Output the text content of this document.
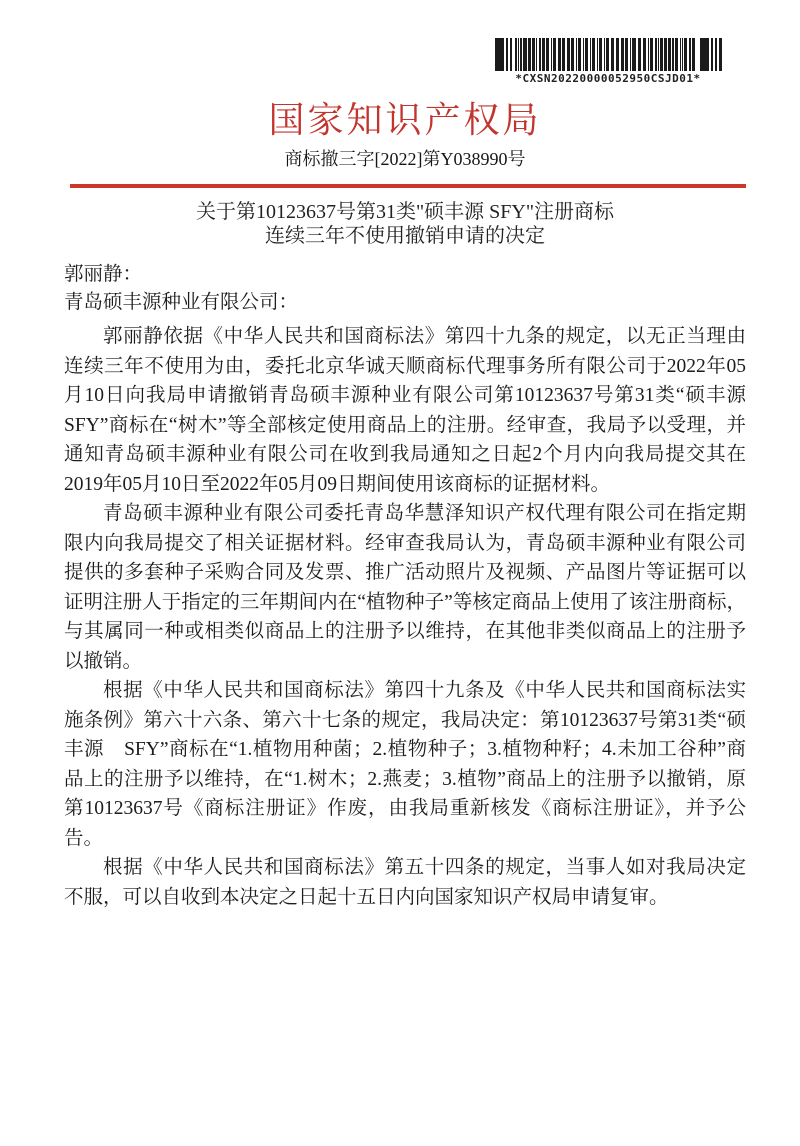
*CXSN20220000052950CSJD01*
国家知识产权局
商标撤三字[2022]第Y038990号
关于第10123637号第31类"硕丰源 SFY"注册商标
连续三年不使用撤销申请的决定
郭丽静：
青岛硕丰源种业有限公司：

郭丽静依据《中华人民共和国商标法》第四十九条的规定，以无正当理由连续三年不使用为由，委托北京华诚天顺商标代理事务所有限公司于2022年05月10日向我局申请撤销青岛硕丰源种业有限公司第10123637号第31类“硕丰源　SFY”商标在“树木”等全部核定使用商品上的注册。经审查，我局予以受理，并通知青岛硕丰源种业有限公司在收到我局通知之日起2个月内向我局提交其在2019年05月10日至2022年05月09日期间使用该商标的证据材料。

青岛硕丰源种业有限公司委托青岛华慧泽知识产权代理有限公司在指定期限内向我局提交了相关证据材料。经审查我局认为，青岛硕丰源种业有限公司提供的多套种子采购合同及发票、推广活动照片及视频、产品图片等证据可以证明注册人于指定的三年期间内在“植物种子”等核定商品上使用了该注册商标，与其属同一种或相类似商品上的注册予以维持，在其他非类似商品上的注册予以撤销。

根据《中华人民共和国商标法》第四十九条及《中华人民共和国商标法实施条例》第六十六条、第六十七条的规定，我局决定：第10123637号第31类“硕丰源　SFY”商标在“1.植物用种菌；2.植物种子；3.植物种籽；4.未加工谷种”商品上的注册予以维持，在“1.树木；2.燕麦；3.植物”商品上的注册予以撤销，原第10123637号《商标注册证》作废，由我局重新核发《商标注册证》，并予公告。

根据《中华人民共和国商标法》第五十四条的规定，当事人如对我局决定不服，可以自收到本决定之日起十五日内向国家知识产权局申请复审。
